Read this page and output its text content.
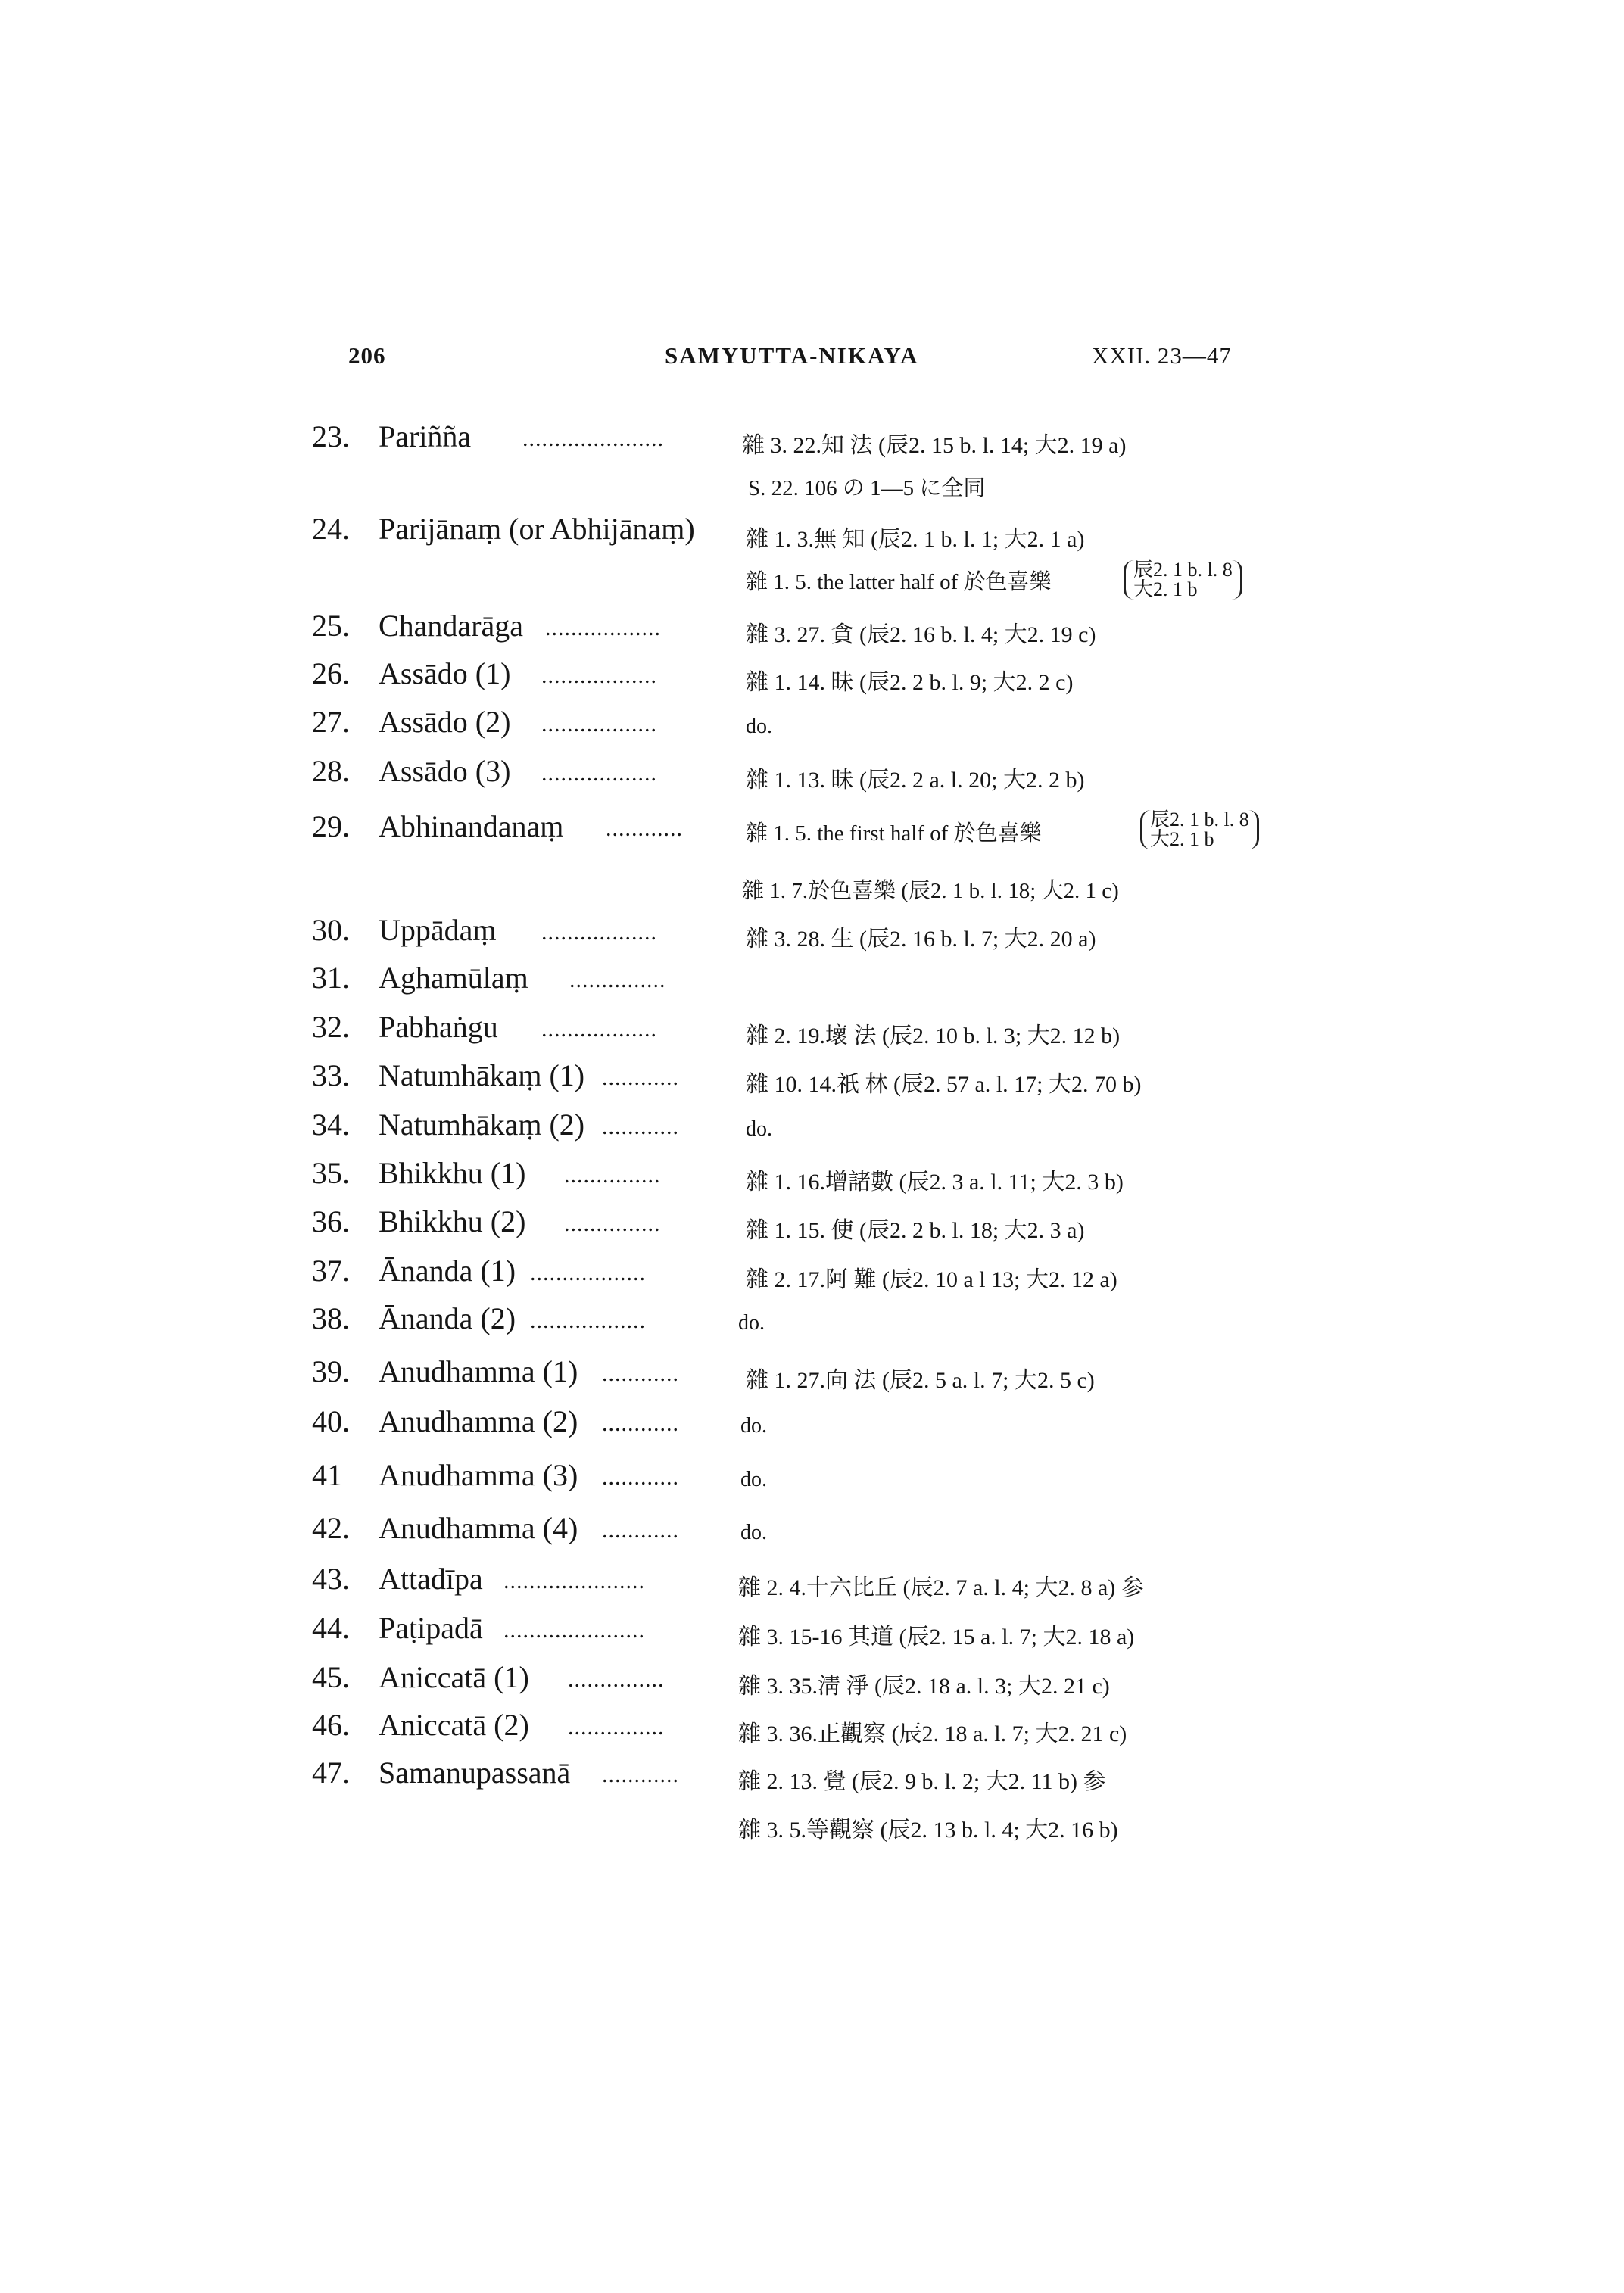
206	SAMYUTTA-NIKAYA	XXII. 23—47
23. Pariñña ......................	雜 3. 22.知 法 (辰2. 15 b. l. 14; 大2. 19 a)
S. 22. 106 の 1—5 に全同
24. Parijānaṃ (or Abhijānaṃ) 雜 1. 3.無 知 (辰2. 1 b. l. 1; 大2. 1 a)
雜 1. 5. the latter half of 於色喜樂
辰2. 1 b. l. 8
大2. 1 b
25. Chandarāga ..................	雜 3. 27. 貪 (辰2. 16 b. l. 4; 大2. 19 c)
26. Assādo (1) ..................	雜 1. 14. 昧 (辰2. 2 b. l. 9; 大2. 2 c)
27. Assādo (2) ..................	do.
28. Assādo (3) ..................	雜 1. 13. 昧 (辰2. 2 a. l. 20; 大2. 2 b)
29. Abhinandanaṃ ............	雜 1. 5. the first half of 於色喜樂
辰2. 1 b. l. 8
大2. 1 b
雜 1. 7.於色喜樂 (辰2. 1 b. l. 18; 大2. 1 c)
30. Uppādaṃ ..................	雜 3. 28. 生 (辰2. 16 b. l. 7; 大2. 20 a)
31. Aghamūlaṃ ...............
32. Pabhaṅgu ..................	雜 2. 19.壞 法 (辰2. 10 b. l. 3; 大2. 12 b)
33. Natumhākaṃ (1) ............	雜 10. 14.祇 林 (辰2. 57 a. l. 17; 大2. 70 b)
34. Natumhākaṃ (2) ............	do.
35. Bhikkhu (1) ...............	雜 1. 16.增諸數 (辰2. 3 a. l. 11; 大2. 3 b)
36. Bhikkhu (2) ...............	雜 1. 15. 使 (辰2. 2 b. l. 18; 大2. 3 a)
37. Ānanda (1) ..................	雜 2. 17.阿 難 (辰2. 10 a l 13; 大2. 12 a)
38. Ānanda (2) ..................	do.
39. Anudhamma (1) ............	雜 1. 27.向 法 (辰2. 5 a. l. 7; 大2. 5 c)
40. Anudhamma (2) ............	do.
41	Anudhamma (3) ............	do.
42. Anudhamma (4) ............	do.
43. Attadīpa ......................	雜 2. 4.十六比丘 (辰2. 7 a. l. 4; 大2. 8 a) 参
44. Paṭipadā ......................	雜 3. 15-16 其道 (辰2. 15 a. l. 7; 大2. 18 a)
45. Aniccatā (1) ...............	雜 3. 35.淸 淨 (辰2. 18 a. l. 3; 大2. 21 c)
46. Aniccatā (2) ...............	雜 3. 36.正觀察 (辰2. 18 a. l. 7; 大2. 21 c)
47. Samanupassanā ............	雜 2. 13. 覺 (辰2. 9 b. l. 2; 大2. 11 b) 参
雜 3. 5.等觀察 (辰2. 13 b. l. 4; 大2. 16 b)
